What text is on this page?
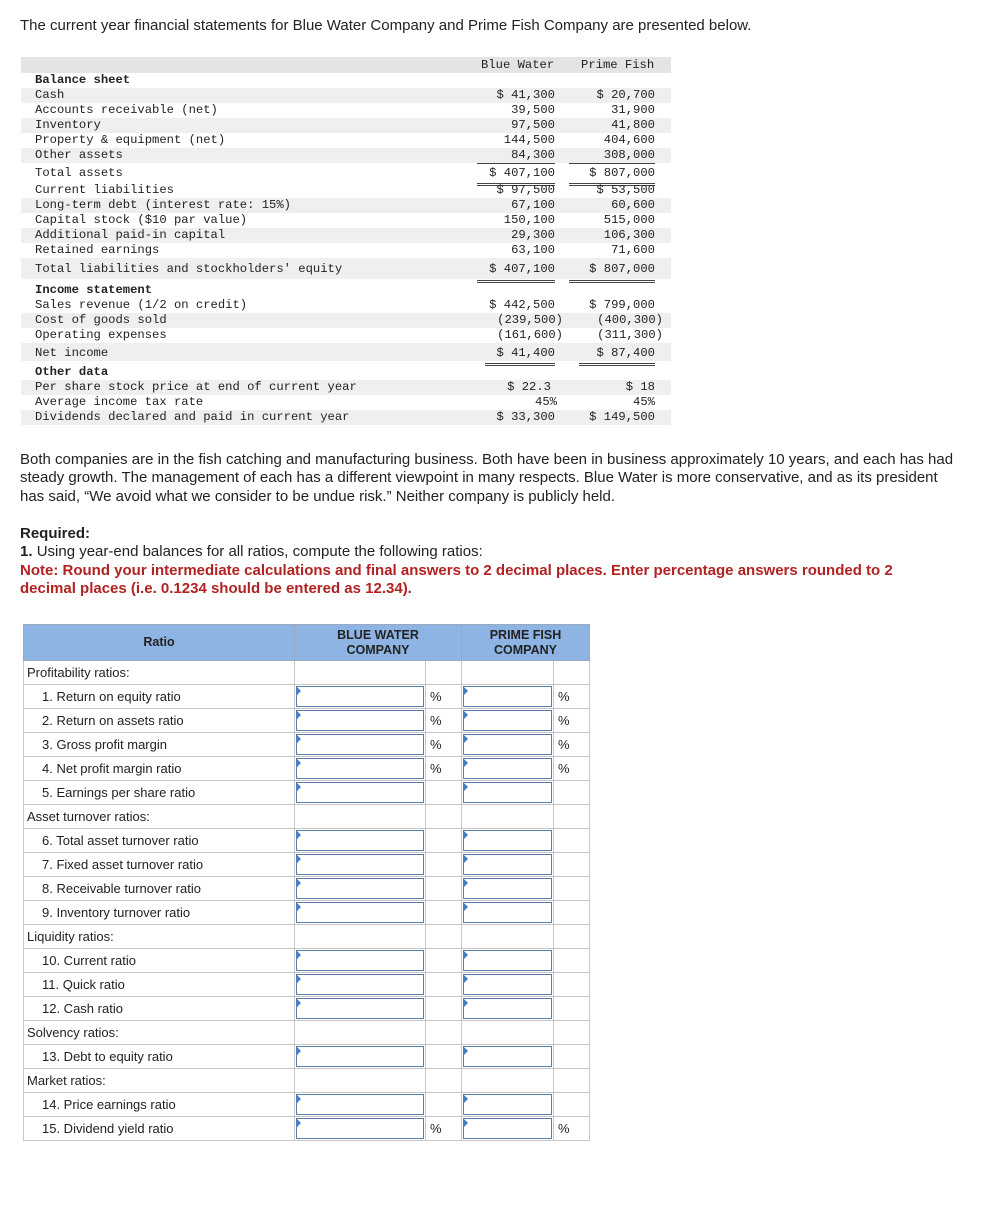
The current year financial statements for Blue Water Company and Prime Fish Company are presented below.
Blue Water Prime Fish
Balance sheet
Cash	$ 41,300	$ 20,700
Accounts receivable (net)	39,500	31,900
Inventory	97,500	41,800
Property & equipment (net)	144,500	404,600
Other assets	84,300	308,000
Total assets	$ 407,100	$ 807,000
Current liabilities	$ 97,500	$ 53,500
Long-term debt (interest rate: 15%)	67,100	60,600
Capital stock ($10 par value)	150,100	515,000
Additional paid-in capital	29,300	106,300
Retained earnings	63,100	71,600
Total liabilities and stockholders' equity	$ 407,100	$ 807,000
Income statement
Sales revenue (1/2 on credit)	$ 442,500	$ 799,000
Cost of goods sold	(239,500)	(400,300)
Operating expenses	(161,600)	(311,300)
Net income	$ 41,400	$ 87,400
Other data
Per share stock price at end of current year	$ 22.3	$ 18
Average income tax rate	45%	45%
Dividends declared and paid in current year	$ 33,300	$ 149,500
Both companies are in the fish catching and manufacturing business. Both have been in business approximately 10 years, and each has had steady growth. The management of each has a different viewpoint in many respects. Blue Water is more conservative, and as its president has said, “We avoid what we consider to be undue risk.” Neither company is publicly held.
Required:
1. Using year-end balances for all ratios, compute the following ratios:
Note: Round your intermediate calculations and final answers to 2 decimal places. Enter percentage answers rounded to 2 decimal places (i.e. 0.1234 should be entered as 12.34).
Ratio	BLUE WATER COMPANY		PRIME FISH COMPANY	

Profitability ratios:				
1. Return on equity ratio		%		%
2. Return on assets ratio		%		%
3. Gross profit margin		%		%
4. Net profit margin ratio		%		%
5. Earnings per share ratio	

Asset turnover ratios:				
6. Total asset turnover ratio	

7. Fixed asset turnover ratio	

8. Receivable turnover ratio	

9. Inventory turnover ratio	

Liquidity ratios:				
10. Current ratio	

11. Quick ratio	

12. Cash ratio	

Solvency ratios:				
13. Debt to equity ratio	

Market ratios:				
14. Price earnings ratio	

15. Dividend yield ratio		%		%
